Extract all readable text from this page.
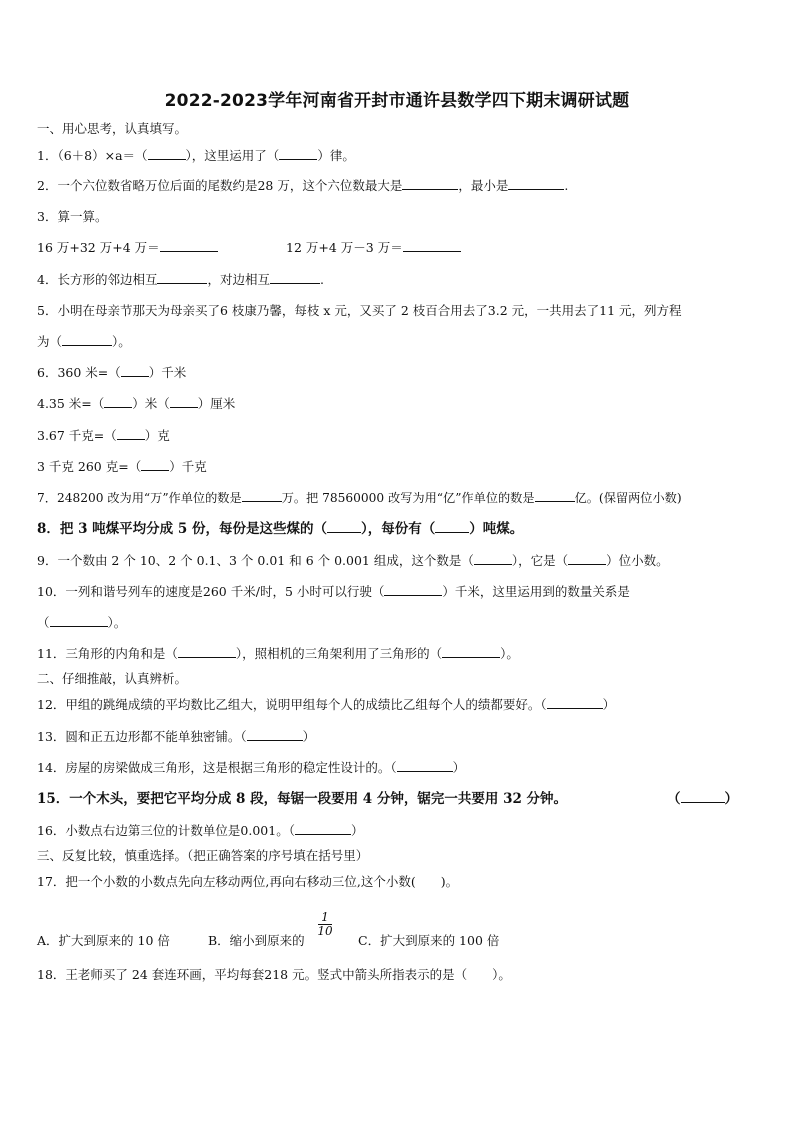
2022-2023学年河南省开封市通许县数学四下期末调研试题
一、用心思考，认真填写。
1．（6＋8）×a＝（	），这里运用了（	）律。
2．一个六位数省略万位后面的尾数约是28 万，这个六位数最大是	，最小是	.
3．算一算。
16 万+32 万+4 万＝	12 万+4 万－3 万＝
4．长方形的邻边相互	，对边相互	.
5．小明在母亲节那天为母亲买了6 枝康乃馨，每枝 x 元，又买了 2 枝百合用去了3.2 元，一共用去了11 元，列方程
为（	）。
6．360 米=（ ）千米
4.35 米=（ ）米（ ）厘米
3.67 千克=（ ）克
3 千克 260 克=（ ）千克
7．248200 改为用“万”作单位的数是	万。把 78560000 改写为用“亿”作单位的数是	亿。(保留两位小数)
8．把 3 吨煤平均分成 5 份，每份是这些煤的（	），每份有（	）吨煤。
9．一个数由 2 个 10、2 个 0.1、3 个 0.01 和 6 个 0.001 组成，这个数是（	），它是（	）位小数。
10．一列和谐号列车的速度是260 千米/时，5 小时可以行驶（	）千米，这里运用到的数量关系是
（	）。
11．三角形的内角和是（	），照相机的三角架利用了三角形的（	）。
二、仔细推敲，认真辨析。
12．甲组的跳绳成绩的平均数比乙组大，说明甲组每个人的成绩比乙组每个人的绩都要好。（	）
13．圆和正五边形都不能单独密铺。（	）
14．房屋的房梁做成三角形，这是根据三角形的稳定性设计的。（	）
15．一个木头，要把它平均分成 8 段，每锯一段要用 4 分钟，锯完一共要用 32 分钟。	（	）
16．小数点右边第三位的计数单位是0.001。（	）
三、反复比较，慎重选择。（把正确答案的序号填在括号里）
17．把一个小数的小数点先向左移动两位,再向右移动三位,这个小数(　　)。
A．扩大到原来的 10 倍	B．缩小到原来的
1
10
C．扩大到原来的 100 倍
18．王老师买了 24 套连环画，平均每套218 元。竖式中箭头所指表示的是（　　）。
